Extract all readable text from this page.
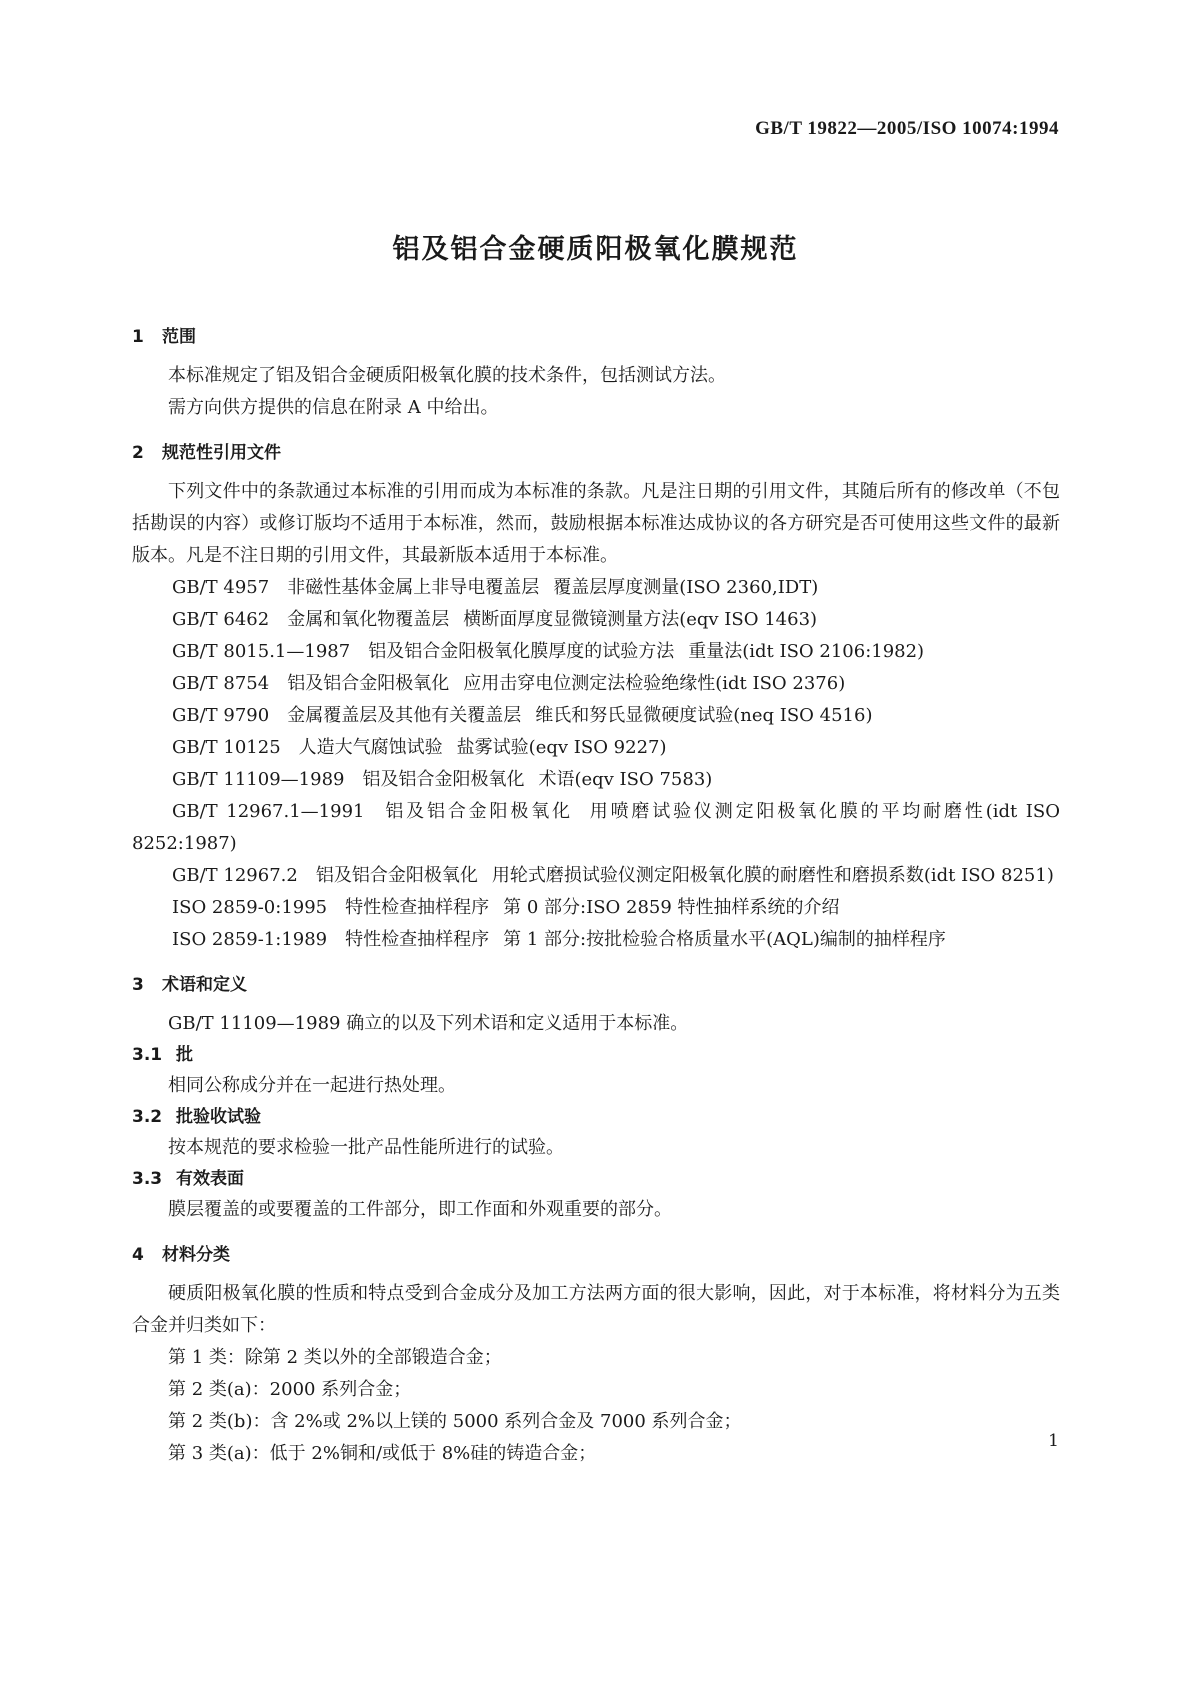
GB/T 19822—2005/ISO 10074:1994
铝及铝合金硬质阳极氧化膜规范
1 范围

本标准规定了铝及铝合金硬质阳极氧化膜的技术条件，包括测试方法。

需方向供方提供的信息在附录 A 中给出。

2 规范性引用文件

下列文件中的条款通过本标准的引用而成为本标准的条款。凡是注日期的引用文件，其随后所有的修改单（不包括勘误的内容）或修订版均不适用于本标准，然而，鼓励根据本标准达成协议的各方研究是否可使用这些文件的最新版本。凡是不注日期的引用文件，其最新版本适用于本标准。

GB/T 4957 非磁性基体金属上非导电覆盖层 覆盖层厚度测量(ISO 2360,IDT)

GB/T 6462 金属和氧化物覆盖层 横断面厚度显微镜测量方法(eqv ISO 1463)

GB/T 8015.1—1987 铝及铝合金阳极氧化膜厚度的试验方法 重量法(idt ISO 2106:1982)

GB/T 8754 铝及铝合金阳极氧化 应用击穿电位测定法检验绝缘性(idt ISO 2376)

GB/T 9790 金属覆盖层及其他有关覆盖层 维氏和努氏显微硬度试验(neq ISO 4516)

GB/T 10125 人造大气腐蚀试验 盐雾试验(eqv ISO 9227)

GB/T 11109—1989 铝及铝合金阳极氧化 术语(eqv ISO 7583)

GB/T 12967.1—1991 铝及铝合金阳极氧化 用喷磨试验仪测定阳极氧化膜的平均耐磨性(idt ISO 8252:1987)

GB/T 12967.2 铝及铝合金阳极氧化 用轮式磨损试验仪测定阳极氧化膜的耐磨性和磨损系数(idt ISO 8251)

ISO 2859-0:1995 特性检查抽样程序 第 0 部分:ISO 2859 特性抽样系统的介绍

ISO 2859-1:1989 特性检查抽样程序 第 1 部分:按批检验合格质量水平(AQL)编制的抽样程序

3 术语和定义

GB/T 11109—1989 确立的以及下列术语和定义适用于本标准。

3.1 批

相同公称成分并在一起进行热处理。

3.2 批验收试验

按本规范的要求检验一批产品性能所进行的试验。

3.3 有效表面

膜层覆盖的或要覆盖的工件部分，即工作面和外观重要的部分。

4 材料分类

硬质阳极氧化膜的性质和特点受到合金成分及加工方法两方面的很大影响，因此，对于本标准，将材料分为五类合金并归类如下：

第 1 类：除第 2 类以外的全部锻造合金；

第 2 类(a)：2000 系列合金；

第 2 类(b)：含 2%或 2%以上镁的 5000 系列合金及 7000 系列合金；

第 3 类(a)：低于 2%铜和/或低于 8%硅的铸造合金；

1
